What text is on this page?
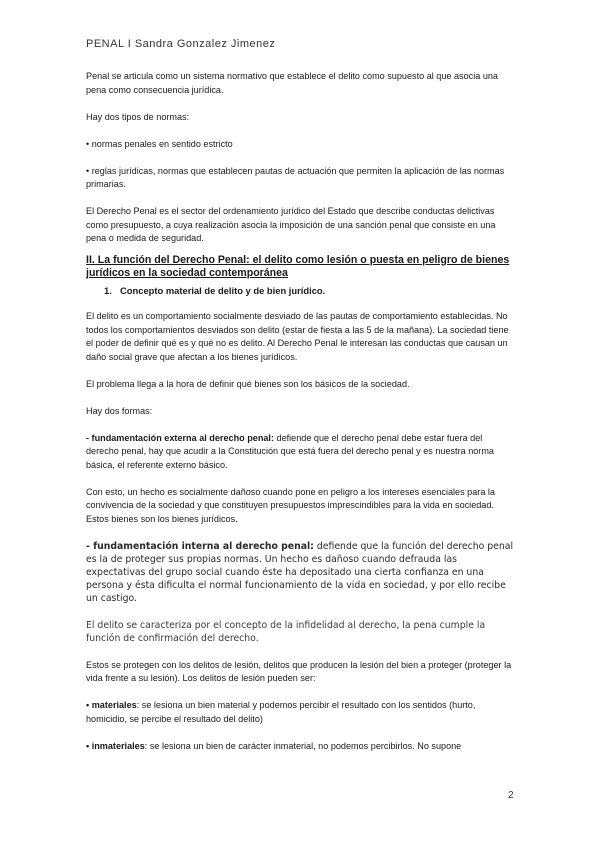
PENAL I Sandra Gonzalez Jimenez

Penal se articula como un sistema normativo que establece el delito como supuesto al que asocia una pena como consecuencia jurídica.

Hay dos tipos de normas:

• normas penales en sentido estricto

• reglas jurídicas, normas que establecen pautas de actuación que permiten la aplicación de las normas primarias.

El Derecho Penal es el sector del ordenamiento jurídico del Estado que describe conductas delictivas como presupuesto, a cuya realización asocia la imposición de una sanción penal que consiste en una pena o medida de seguridad.

II. La función del Derecho Penal: el delito como lesión o puesta en peligro de bienes jurídicos en la sociedad contemporánea
1. Concepto material de delito y de bien jurídico.

El delito es un comportamiento socialmente desviado de las pautas de comportamiento establecidas. No todos los comportamientos desviados son delito (estar de fiesta a las 5 de la mañana). La sociedad tiene el poder de definir qué es y qué no es delito. Al Derecho Penal le interesan las conductas que causan un daño social grave que afectan a los bienes jurídicos.

El problema llega a la hora de definir qué bienes son los básicos de la sociedad.

Hay dos formas:

- fundamentación externa al derecho penal: defiende que el derecho penal debe estar fuera del derecho penal, hay que acudir a la Constitución que está fuera del derecho penal y es nuestra norma básica, el referente externo básico.

Con esto, un hecho es socialmente dañoso cuando pone en peligro a los intereses esenciales para la convivencia de la sociedad y que constituyen presupuestos imprescindibles para la vida en sociedad. Estos bienes son los bienes jurídicos.

- fundamentación interna al derecho penal: defiende que la función del derecho penal es la de proteger sus propias normas. Un hecho es dañoso cuando defrauda las expectativas del grupo social cuando éste ha depositado una cierta confianza en una persona y ésta dificulta el normal funcionamiento de la vida en sociedad, y por ello recibe un castigo.

El delito se caracteriza por el concepto de la infidelidad al derecho, la pena cumple la función de confirmación del derecho.

Estos se protegen con los delitos de lesión, delitos que producen la lesión del bien a proteger (proteger la vida frente a su lesión). Los delitos de lesión pueden ser:

• materiales: se lesiona un bien material y podemos percibir el resultado con los sentidos (hurto, homicidio, se percibe el resultado del delito)

• inmateriales: se lesiona un bien de carácter inmaterial, no podemos percibirlos. No supone

2
